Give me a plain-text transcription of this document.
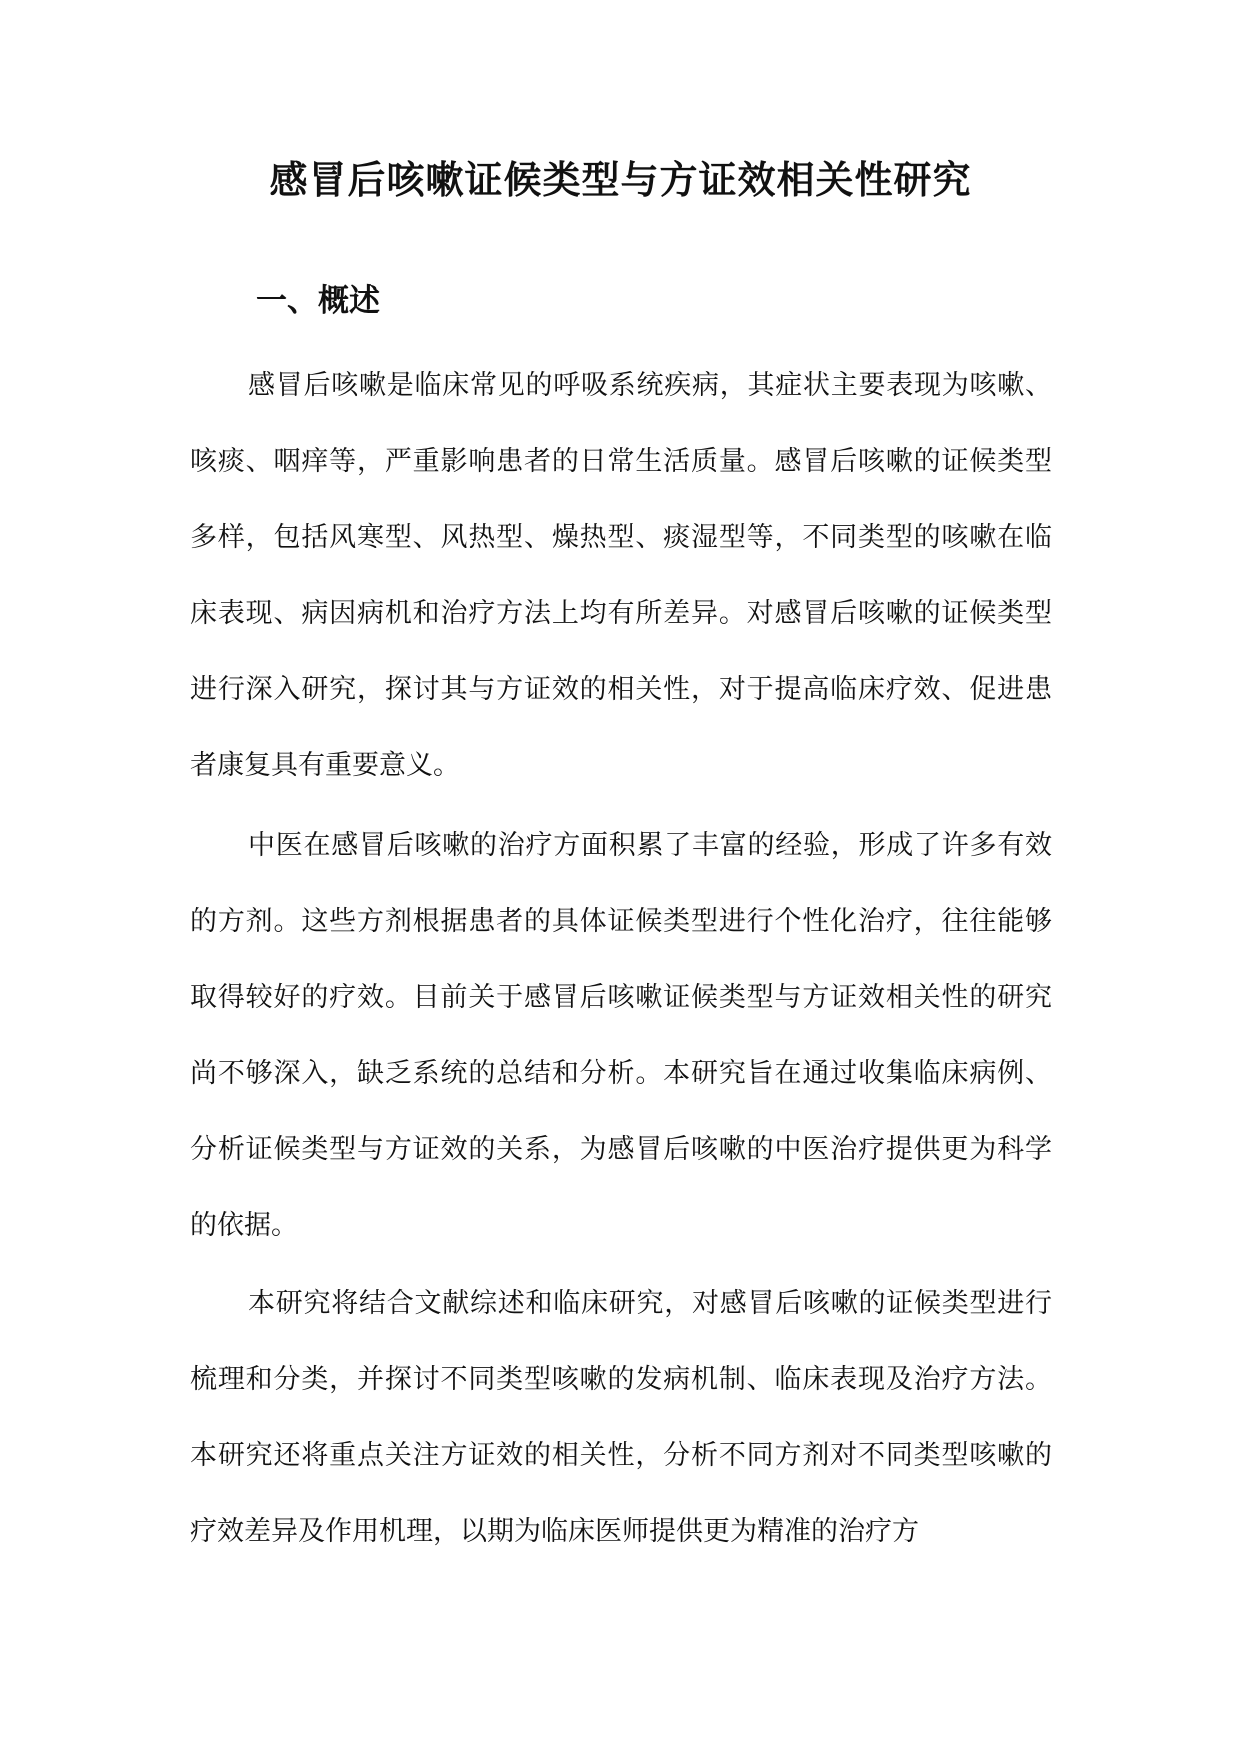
感冒后咳嗽证候类型与方证效相关性研究
一、概述

感冒后咳嗽是临床常见的呼吸系统疾病，其症状主要表现为咳嗽、咳痰、咽痒等，严重影响患者的日常生活质量。感冒后咳嗽的证候类型多样，包括风寒型、风热型、燥热型、痰湿型等，不同类型的咳嗽在临床表现、病因病机和治疗方法上均有所差异。对感冒后咳嗽的证候类型进行深入研究，探讨其与方证效的相关性，对于提高临床疗效、促进患者康复具有重要意义。

中医在感冒后咳嗽的治疗方面积累了丰富的经验，形成了许多有效的方剂。这些方剂根据患者的具体证候类型进行个性化治疗，往往能够取得较好的疗效。目前关于感冒后咳嗽证候类型与方证效相关性的研究尚不够深入，缺乏系统的总结和分析。本研究旨在通过收集临床病例、分析证候类型与方证效的关系，为感冒后咳嗽的中医治疗提供更为科学的依据。

本研究将结合文献综述和临床研究，对感冒后咳嗽的证候类型进行梳理和分类，并探讨不同类型咳嗽的发病机制、临床表现及治疗方法。本研究还将重点关注方证效的相关性，分析不同方剂对不同类型咳嗽的疗效差异及作用机理，以期为临床医师提供更为精准的治疗方
